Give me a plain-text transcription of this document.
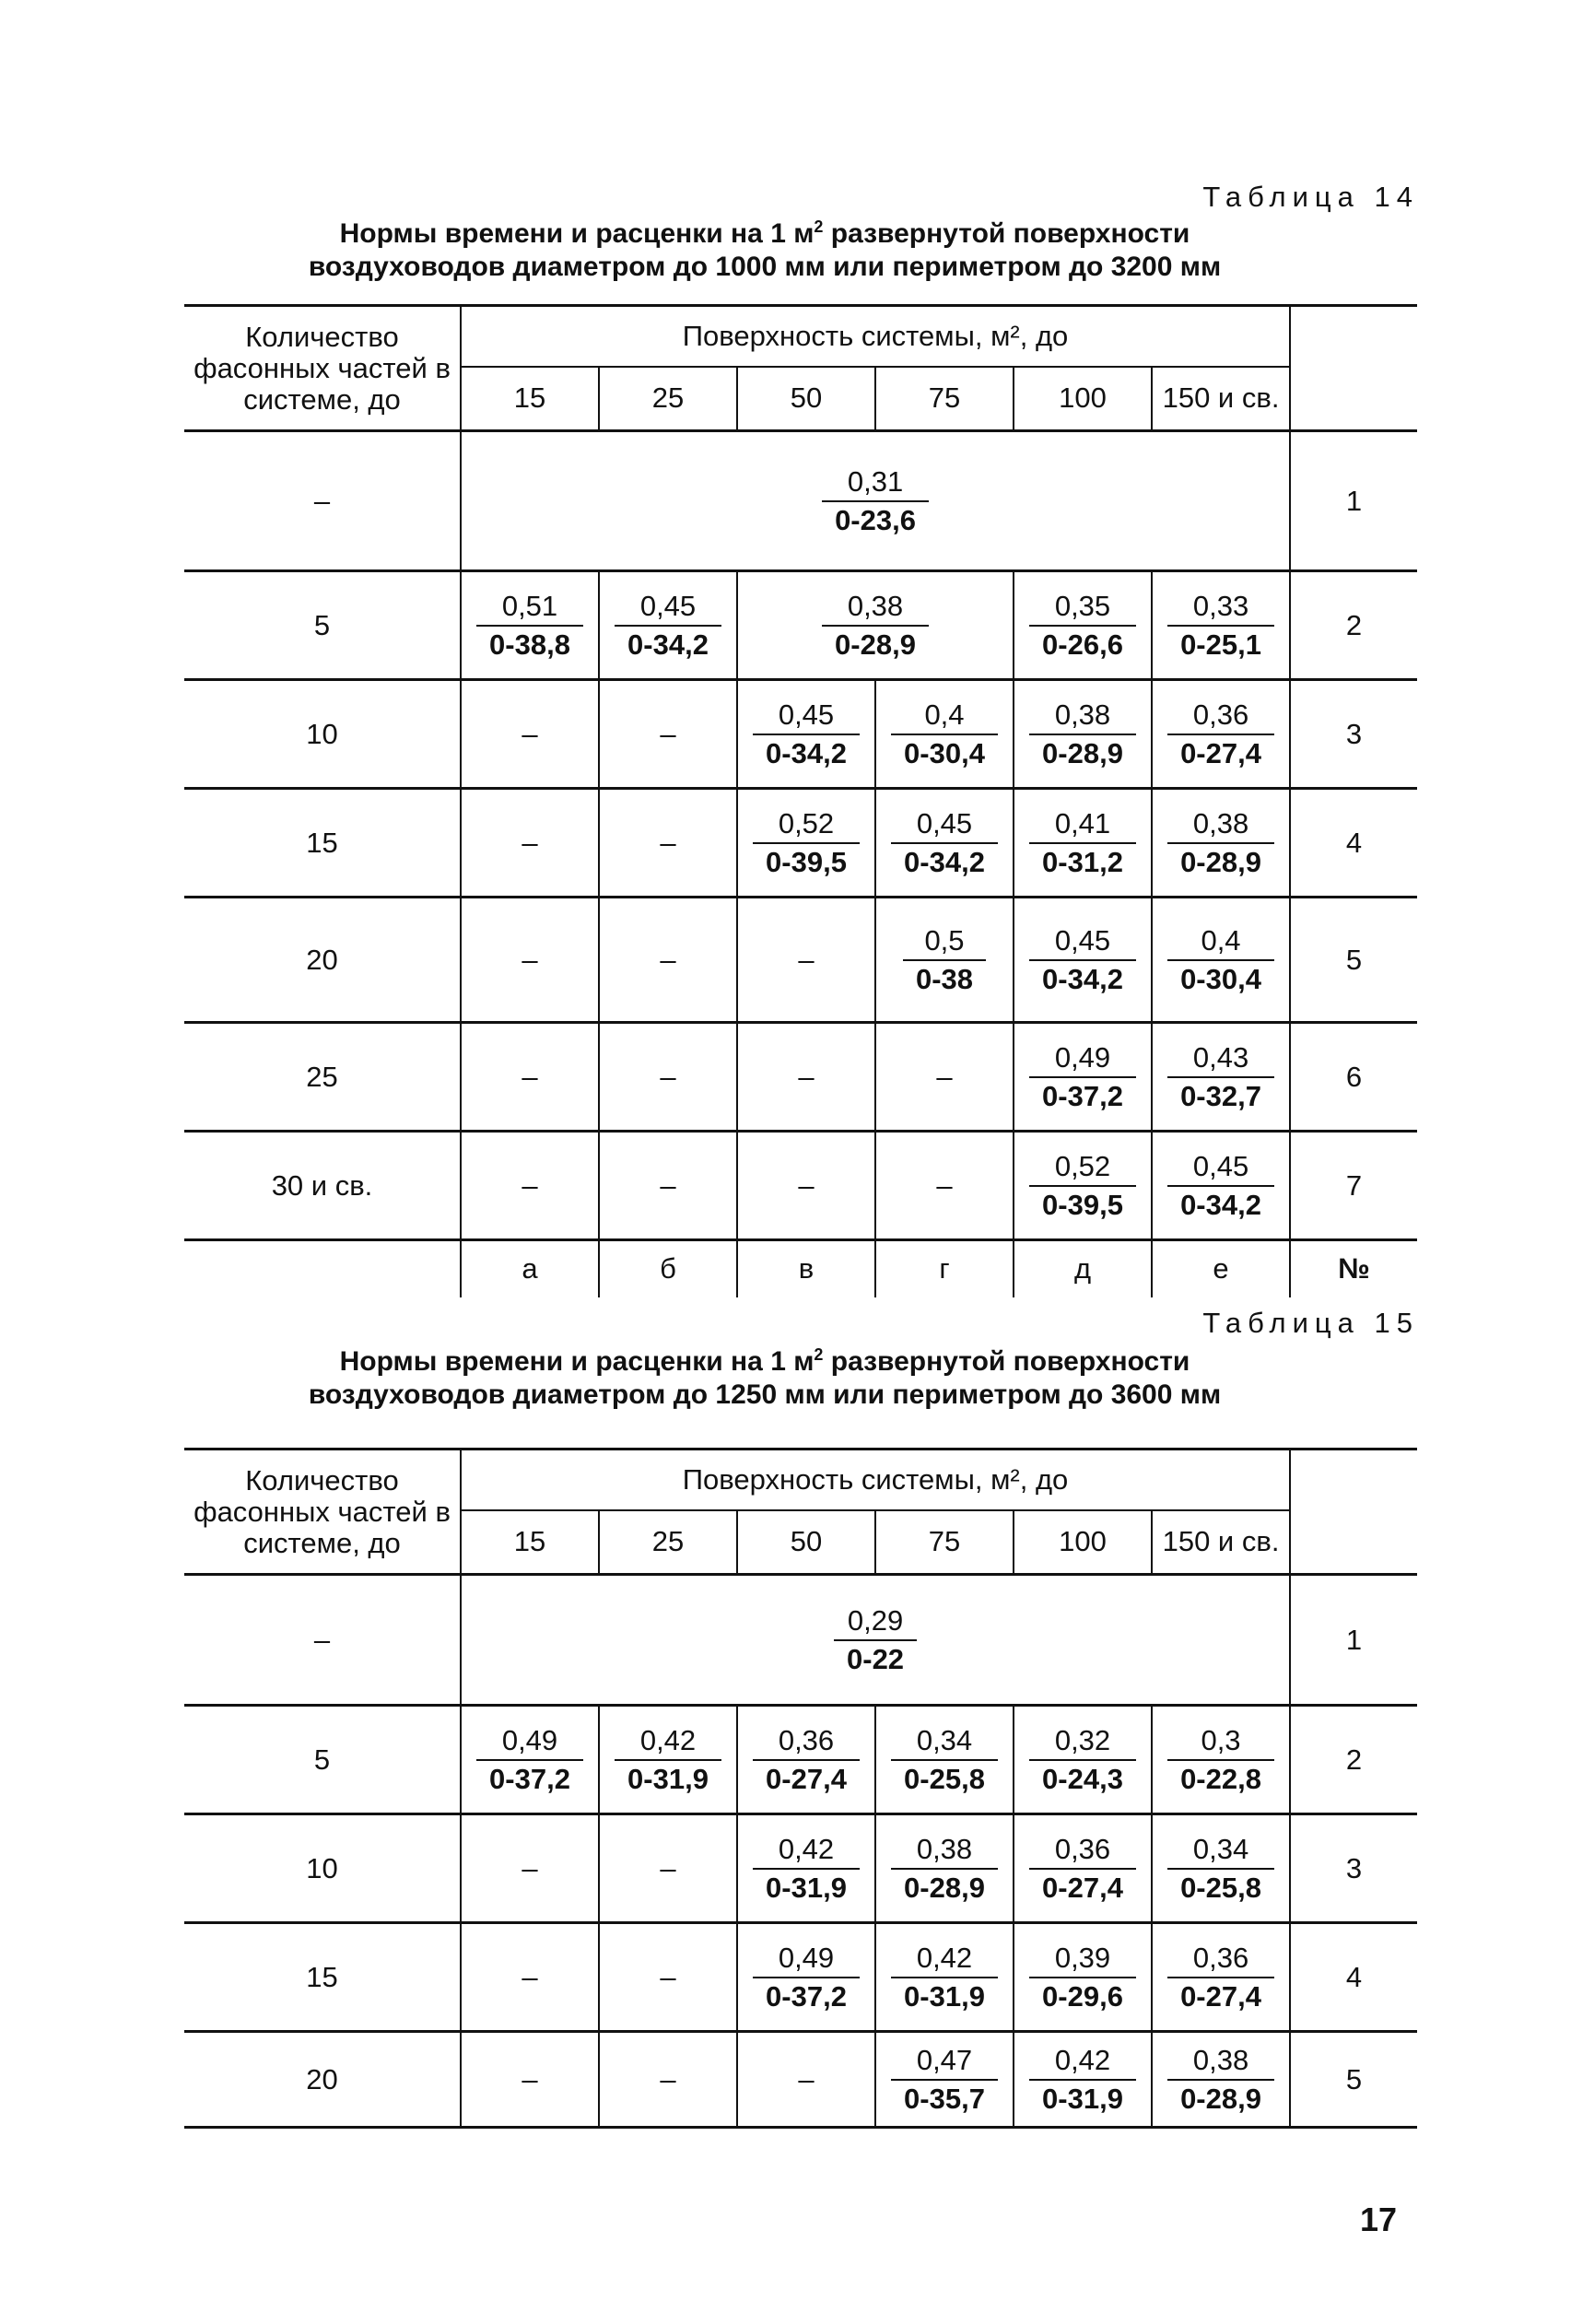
Таблица 14
Нормы времени и расценки на 1 $м^2$ развернутой поверхности
воздуховодов диаметром до 1000 мм или периметром до 3200 мм
Количество фасонных частей в системе, до	Поверхность системы, м², до						
	15	25	50	75	100	150 и св.	
–	$\frac{0,31}{0-23,6}$						1
5	$\frac{0,51}{0-38,8}$	$\frac{0,45}{0-34,2}$	$\frac{0,38}{0-28,9}$		$\frac{0,35}{0-26,6}$	$\frac{0,33}{0-25,1}$	2
10	–	–	$\frac{0,45}{0-34,2}$	$\frac{0,4}{0-30,4}$	$\frac{0,38}{0-28,9}$	$\frac{0,36}{0-27,4}$	3
15	–	–	$\frac{0,52}{0-39,5}$	$\frac{0,45}{0-34,2}$	$\frac{0,41}{0-31,2}$	$\frac{0,38}{0-28,9}$	4
20	–	–	–	$\frac{0,5}{0-38}$	$\frac{0,45}{0-34,2}$	$\frac{0,4}{0-30,4}$	5
25	–	–	–	–	$\frac{0,49}{0-37,2}$	$\frac{0,43}{0-32,7}$	6
30 и св.	–	–	–	–	$\frac{0,52}{0-39,5}$	$\frac{0,45}{0-34,2}$	7
	а	б	в	г	д	е	№
Таблица 15
Нормы времени и расценки на 1 $м^2$ развернутой поверхности
воздуховодов диаметром до 1250 мм или периметром до 3600 мм
Количество фасонных частей в системе, до	Поверхность системы, м², до						
	15	25	50	75	100	150 и св.	
–	$\frac{0,29}{0-22}$						1
5	$\frac{0,49}{0-37,2}$	$\frac{0,42}{0-31,9}$	$\frac{0,36}{0-27,4}$	$\frac{0,34}{0-25,8}$	$\frac{0,32}{0-24,3}$	$\frac{0,3}{0-22,8}$	2
10	–	–	$\frac{0,42}{0-31,9}$	$\frac{0,38}{0-28,9}$	$\frac{0,36}{0-27,4}$	$\frac{0,34}{0-25,8}$	3
15	–	–	$\frac{0,49}{0-37,2}$	$\frac{0,42}{0-31,9}$	$\frac{0,39}{0-29,6}$	$\frac{0,36}{0-27,4}$	4
20	–	–	–	$\frac{0,47}{0-35,7}$	$\frac{0,42}{0-31,9}$	$\frac{0,38}{0-28,9}$	5
17
